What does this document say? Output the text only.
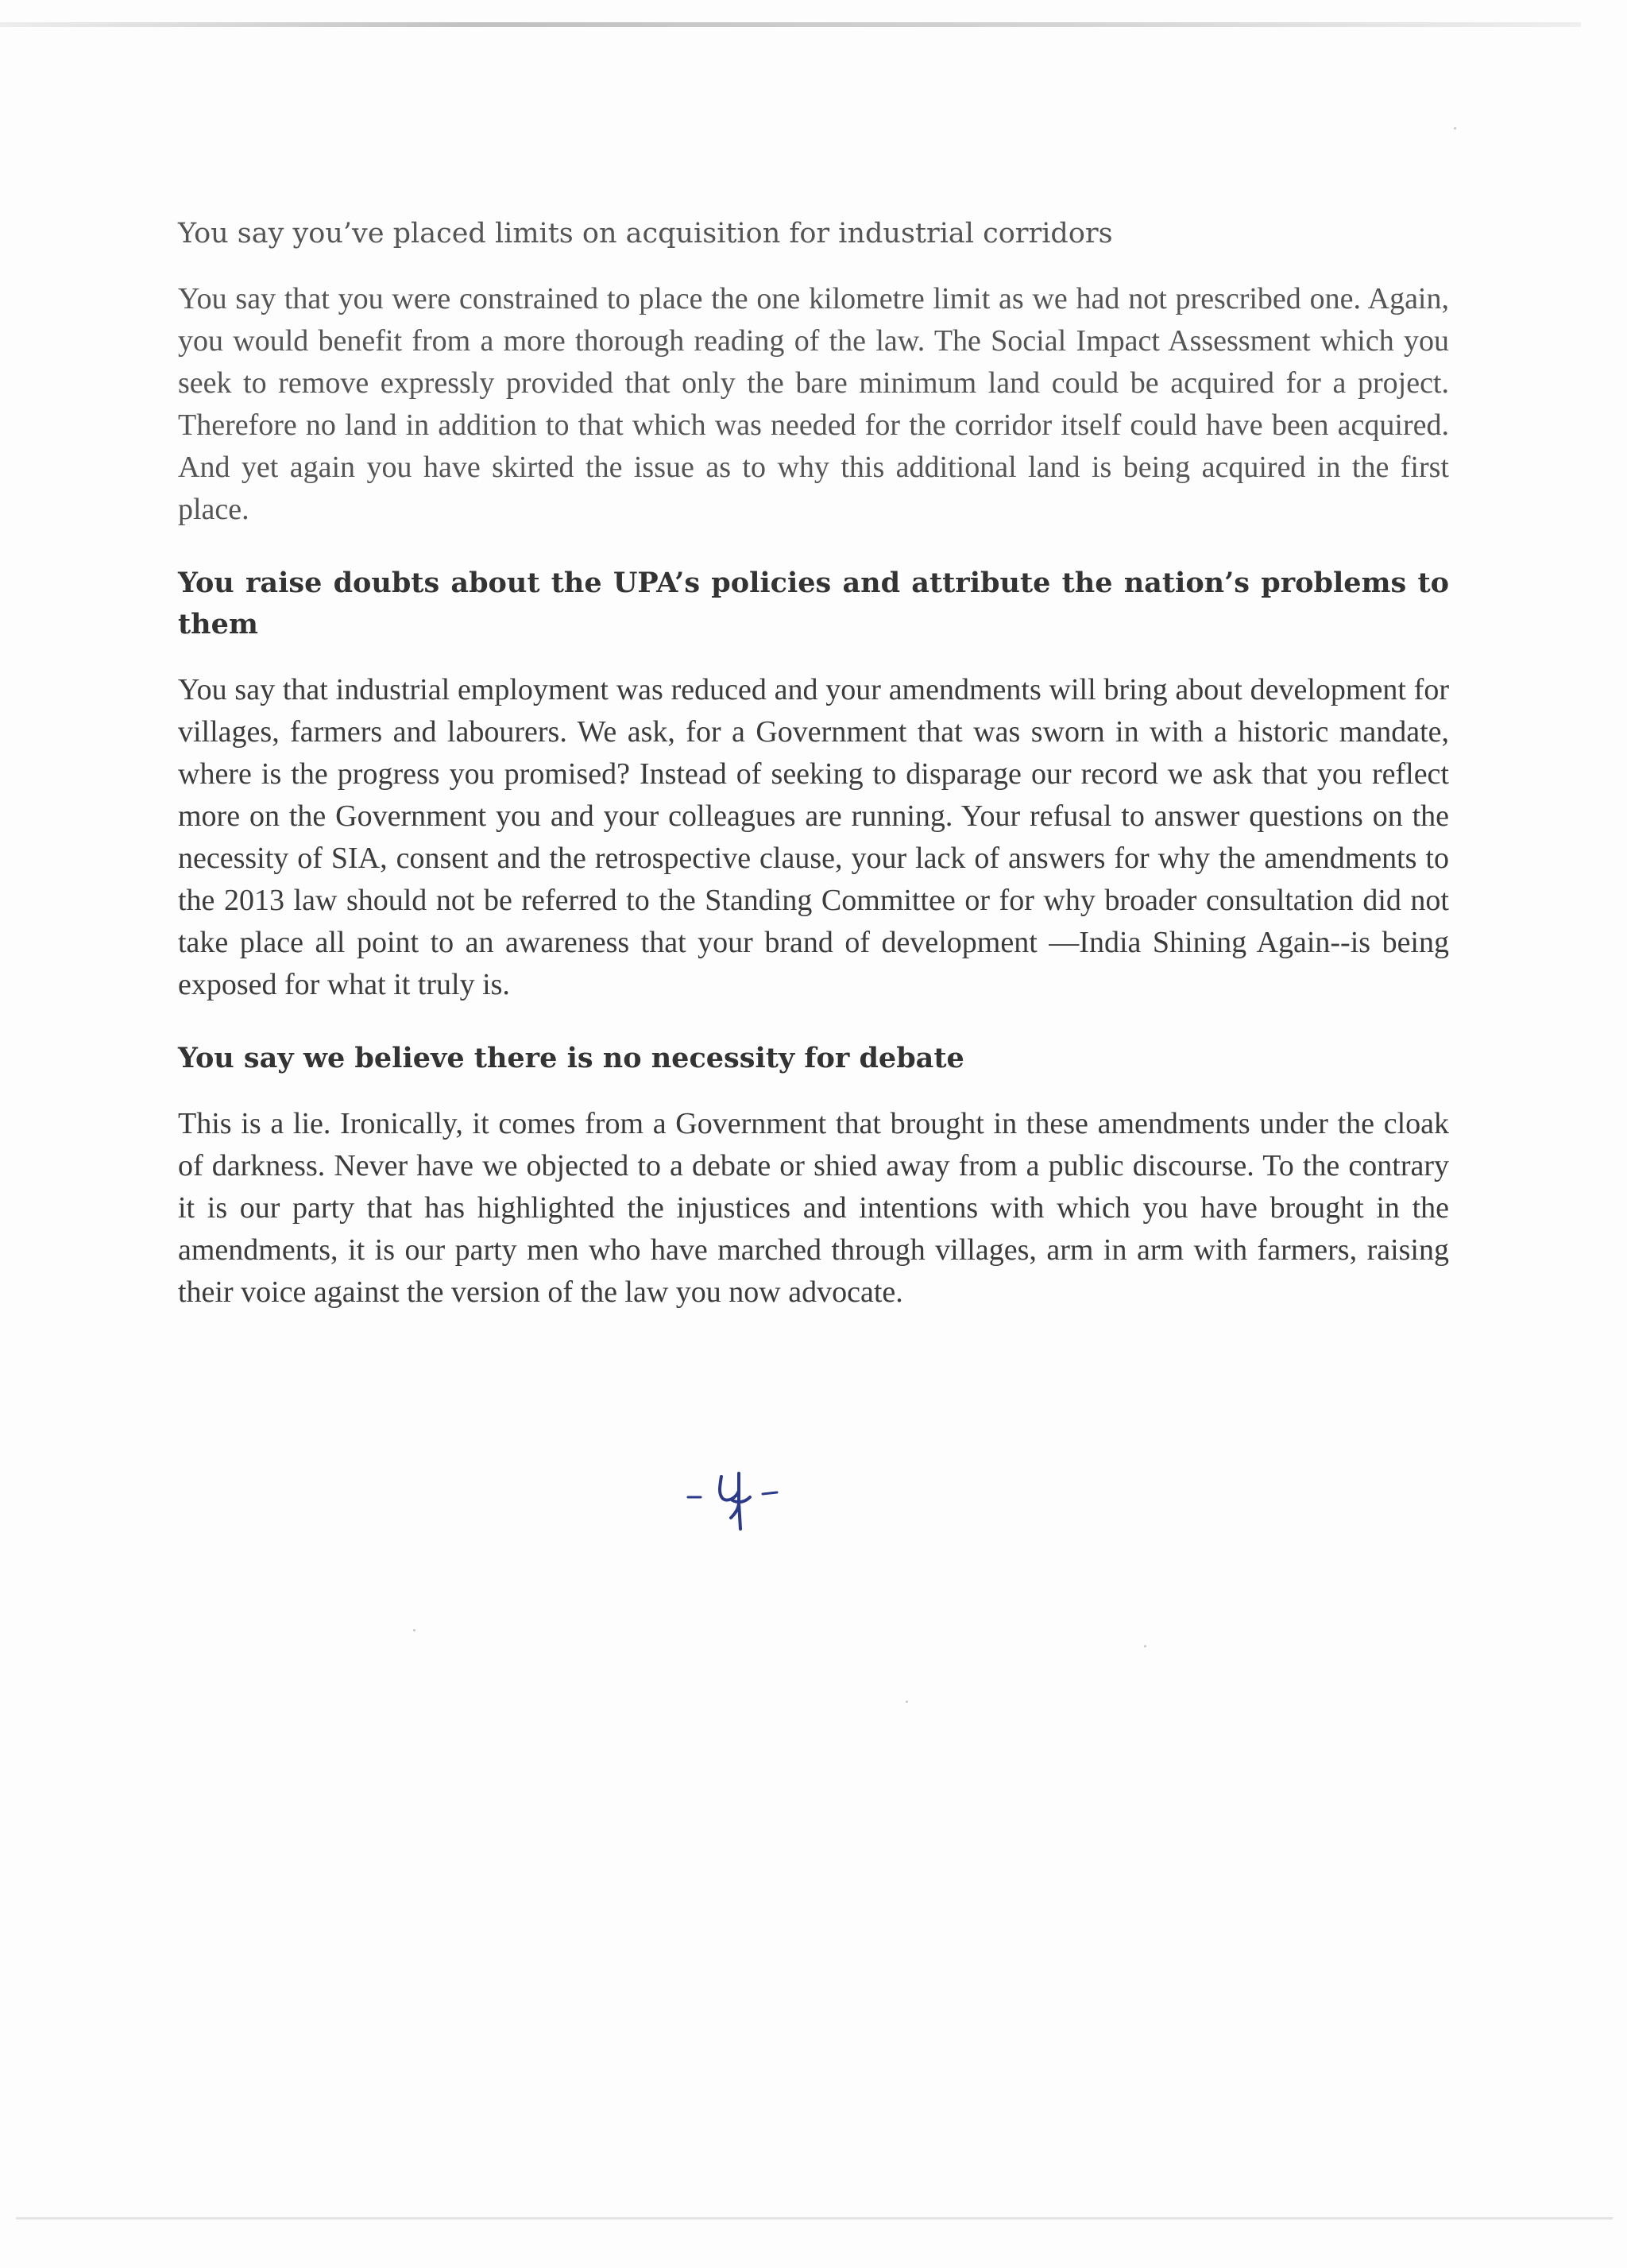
You say you’ve placed limits on acquisition for industrial corridors

You say that you were constrained to place the one kilometre limit as we had not prescribed one. Again, you would benefit from a more thorough reading of the law. The Social Impact Assessment which you seek to remove expressly provided that only the bare minimum land could be acquired for a project. Therefore no land in addition to that which was needed for the corridor itself could have been acquired. And yet again you have skirted the issue as to why this additional land is being acquired in the first place.

You raise doubts about the UPA’s policies and attribute the nation’s problems to them

You say that industrial employment was reduced and your amendments will bring about development for villages, farmers and labourers. We ask, for a Government that was sworn in with a historic mandate, where is the progress you promised? Instead of seeking to disparage our record we ask that you reflect more on the Government you and your colleagues are running. Your refusal to answer questions on the necessity of SIA, consent and the retrospective clause, your lack of answers for why the amendments to the 2013 law should not be referred to the Standing Committee or for why broader consultation did not take place all point to an awareness that your brand of development —India Shining Again--is being exposed for what it truly is.

You say we believe there is no necessity for debate

This is a lie. Ironically, it comes from a Government that brought in these amendments under the cloak of darkness. Never have we objected to a debate or shied away from a public discourse. To the contrary it is our party that has highlighted the injustices and intentions with which you have brought in the amendments, it is our party men who have marched through villages, arm in arm with farmers, raising their voice against the version of the law you now advocate.
